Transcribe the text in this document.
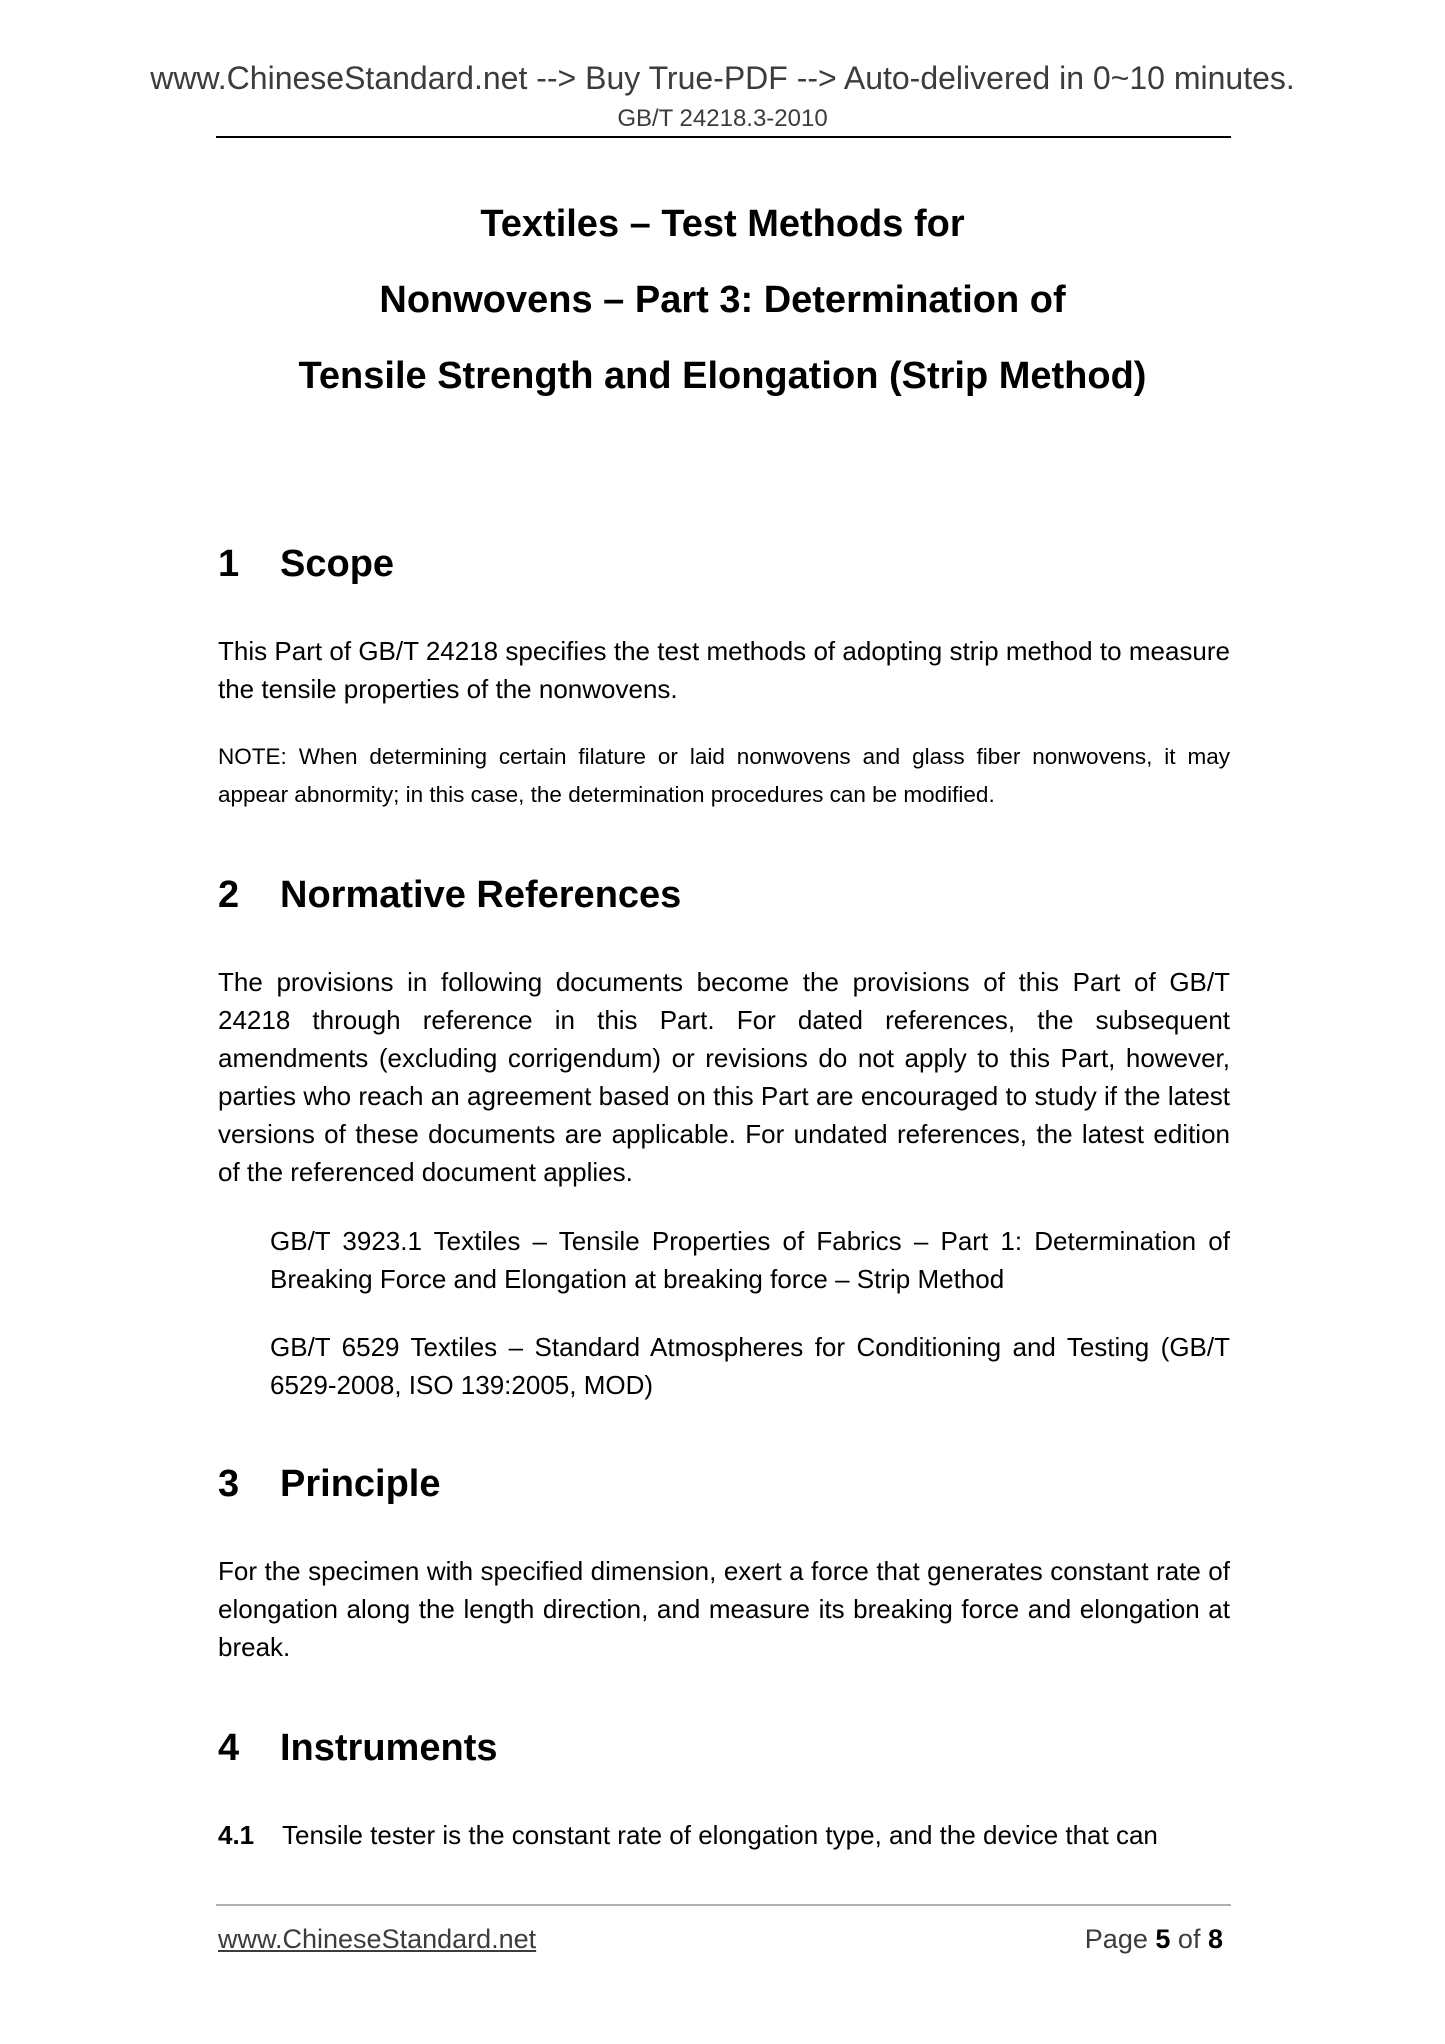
www.ChineseStandard.net --> Buy True-PDF --> Auto-delivered in 0~10 minutes.
GB/T 24218.3-2010
Textiles – Test Methods for
Nonwovens – Part 3: Determination of
Tensile Strength and Elongation (Strip Method)
1 Scope
This Part of GB/T 24218 specifies the test methods of adopting strip method to measure the tensile properties of the nonwovens.
NOTE: When determining certain filature or laid nonwovens and glass fiber nonwovens, it may appear abnormity; in this case, the determination procedures can be modified.
2 Normative References
The provisions in following documents become the provisions of this Part of GB/T 24218 through reference in this Part. For dated references, the subsequent amendments (excluding corrigendum) or revisions do not apply to this Part, however, parties who reach an agreement based on this Part are encouraged to study if the latest versions of these documents are applicable. For undated references, the latest edition of the referenced document applies.
GB/T 3923.1 Textiles – Tensile Properties of Fabrics – Part 1: Determination of Breaking Force and Elongation at breaking force – Strip Method
GB/T 6529 Textiles – Standard Atmospheres for Conditioning and Testing (GB/T 6529-2008, ISO 139:2005, MOD)
3 Principle
For the specimen with specified dimension, exert a force that generates constant rate of elongation along the length direction, and measure its breaking force and elongation at break.
4 Instruments
4.1 Tensile tester is the constant rate of elongation type, and the device that can
www.ChineseStandard.net	Page 5 of 8
